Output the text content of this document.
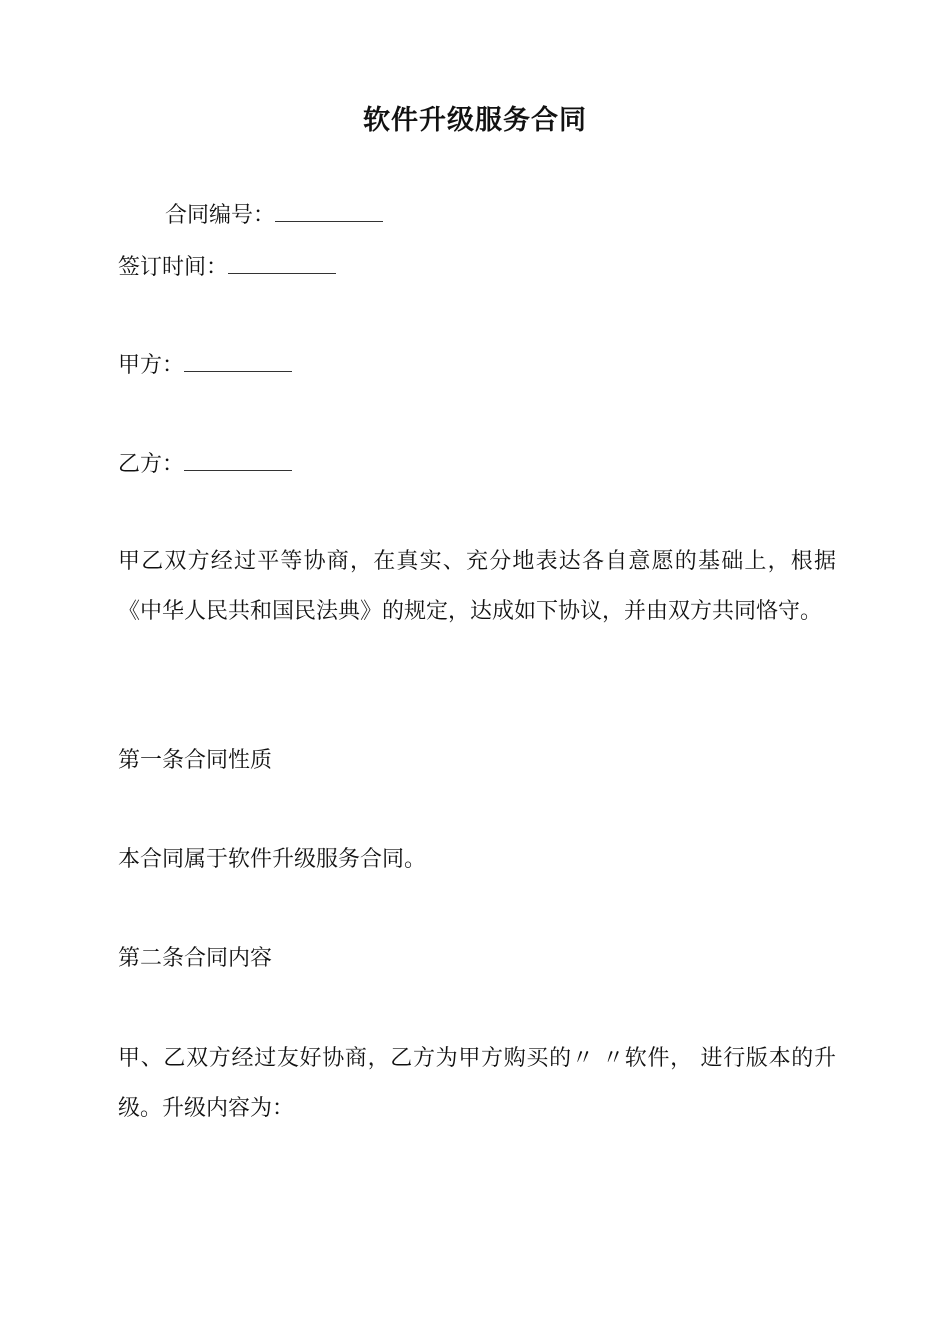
软件升级服务合同
合同编号：
签订时间：
甲方：
乙方：
甲乙双方经过平等协商，在真实、充分地表达各自意愿的基础上，根据《中华人民共和国民法典》的规定，达成如下协议，并由双方共同恪守。
第一条合同性质
本合同属于软件升级服务合同。
第二条合同内容
甲、乙双方经过友好协商，乙方为甲方购买的〃 〃软件， 进行版本的升级。升级内容为：
